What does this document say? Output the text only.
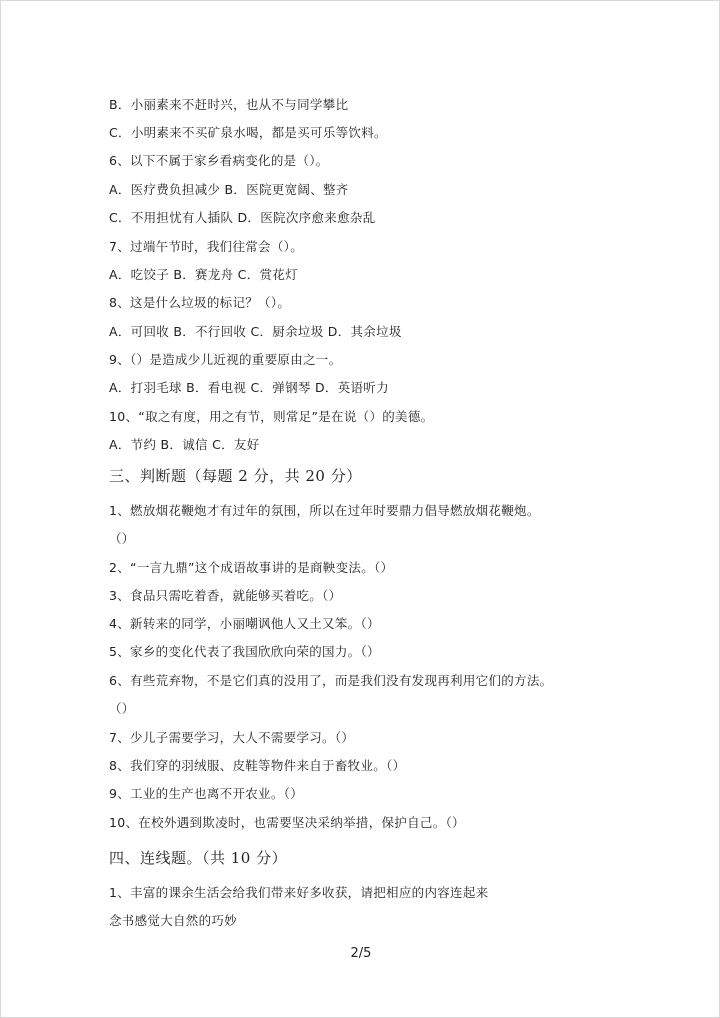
B．小丽素来不赶时兴，也从不与同学攀比
C．小明素来不买矿泉水喝，都是买可乐等饮料。
6、以下不属于家乡看病变化的是（）。
A．医疗费负担减少 B．医院更宽阔、整齐
C．不用担忧有人插队 D．医院次序愈来愈杂乱
7、过端午节时，我们往常会（）。
A．吃饺子 B．赛龙舟 C．赏花灯
8、这是什么垃圾的标记？（）。
A．可回收 B．不行回收 C．厨余垃圾 D．其余垃圾
9、（）是造成少儿近视的重要原由之一。
A．打羽毛球 B．看电视 C．弹钢琴 D．英语听力
10、“取之有度，用之有节，则常足”是在说（）的美德。
A．节约 B．诚信 C．友好
三、判断题（每题 2 分，共 20 分）
1、燃放烟花鞭炮才有过年的氛围，所以在过年时要鼎力倡导燃放烟花鞭炮。
（）
2、“一言九鼎”这个成语故事讲的是商鞅变法。（）
3、食品只需吃着香，就能够买着吃。（）
4、新转来的同学，小丽嘲讽他人又土又笨。（）
5、家乡的变化代表了我国欣欣向荣的国力。（）
6、有些荒弃物，不是它们真的没用了，而是我们没有发现再利用它们的方法。
（）
7、少儿子需要学习，大人不需要学习。（）
8、我们穿的羽绒服、皮鞋等物件来自于畜牧业。（）
9、工业的生产也离不开农业。（）
10、在校外遇到欺凌时，也需要坚决采纳举措，保护自己。（）
四、连线题。（共 10 分）
1、丰富的课余生活会给我们带来好多收获，请把相应的内容连起来
念书感觉大自然的巧妙
2/5
